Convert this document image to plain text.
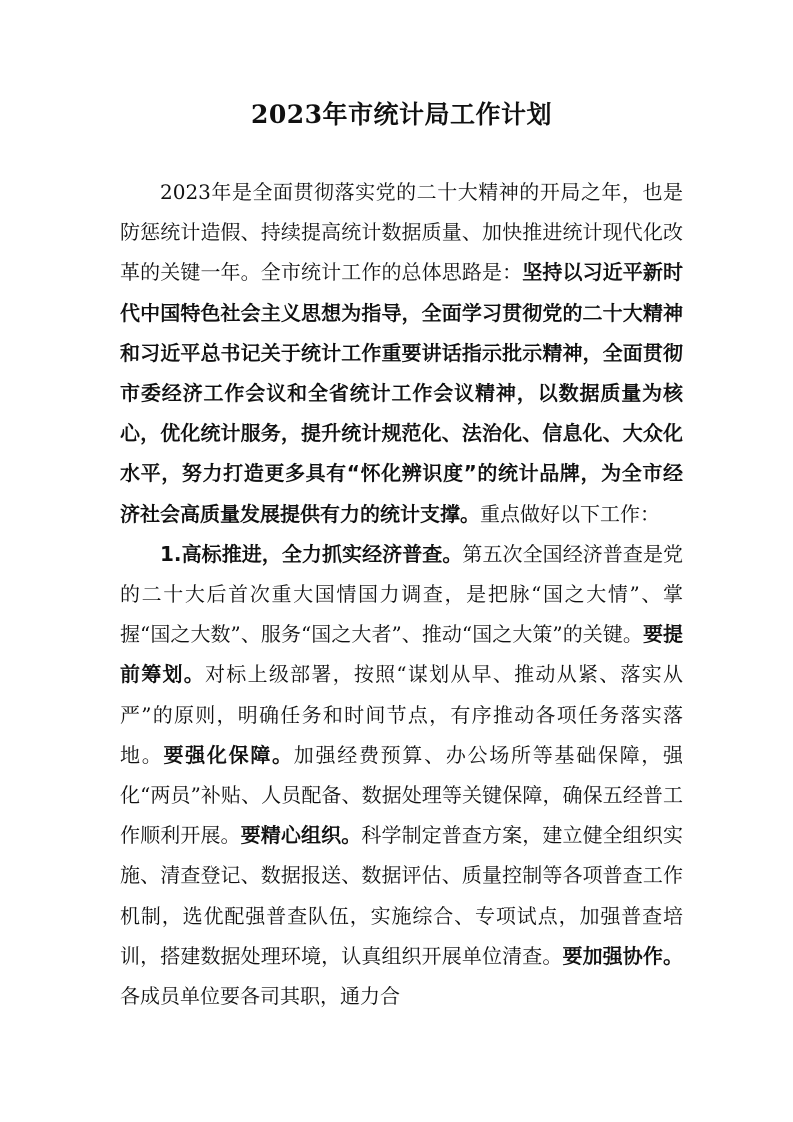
2023年市统计局工作计划

2023年是全面贯彻落实党的二十大精神的开局之年，也是防惩统计造假、持续提高统计数据质量、加快推进统计现代化改革的关键一年。全市统计工作的总体思路是：坚持以习近平新时代中国特色社会主义思想为指导，全面学习贯彻党的二十大精神和习近平总书记关于统计工作重要讲话指示批示精神，全面贯彻市委经济工作会议和全省统计工作会议精神，以数据质量为核心，优化统计服务，提升统计规范化、法治化、信息化、大众化水平，努力打造更多具有“怀化辨识度”的统计品牌，为全市经济社会高质量发展提供有力的统计支撑。重点做好以下工作：

1.高标推进，全力抓实经济普查。第五次全国经济普查是党的二十大后首次重大国情国力调查，是把脉“国之大情”、掌握“国之大数”、服务“国之大者”、推动“国之大策”的关键。要提前筹划。对标上级部署，按照“谋划从早、推动从紧、落实从严”的原则，明确任务和时间节点，有序推动各项任务落实落地。要强化保障。加强经费预算、办公场所等基础保障，强化“两员”补贴、人员配备、数据处理等关键保障，确保五经普工作顺利开展。要精心组织。科学制定普查方案，建立健全组织实施、清查登记、数据报送、数据评估、质量控制等各项普查工作机制，选优配强普查队伍，实施综合、专项试点，加强普查培训，搭建数据处理环境，认真组织开展单位清查。要加强协作。各成员单位要各司其职，通力合
